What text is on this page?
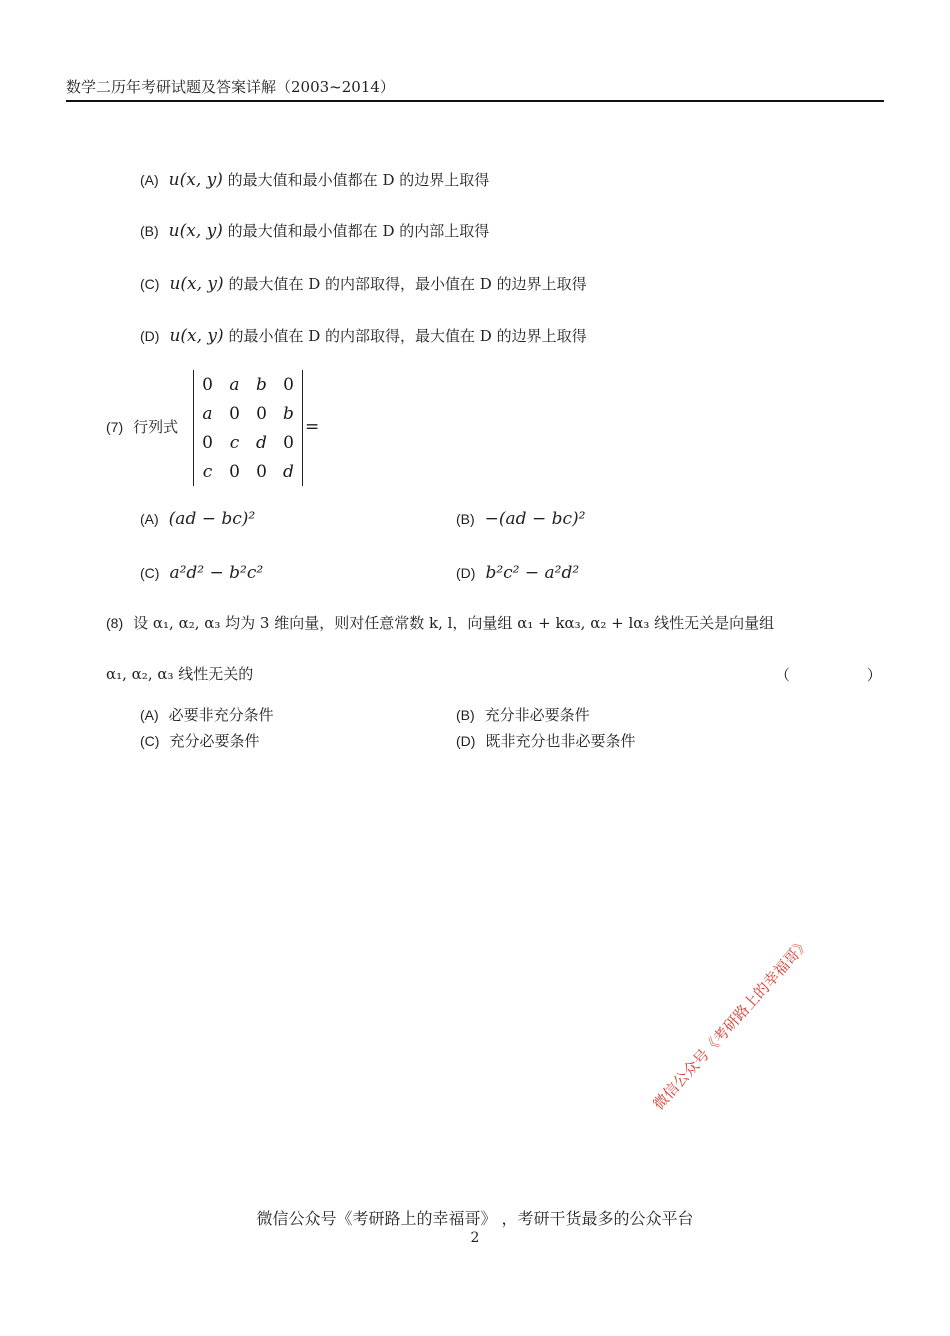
数学二历年考研试题及答案详解（2003~2014）
(A) u(x, y) 的最大值和最小值都在 D 的边界上取得
(B) u(x, y) 的最大值和最小值都在 D 的内部上取得
(C) u(x, y) 的最大值在 D 的内部取得，最小值在 D 的边界上取得
(D) u(x, y) 的最小值在 D 的内部取得，最大值在 D 的边界上取得
(7) 行列式
0 a b 0
a 0 0 b
0 c d 0
c 0 0 d
=
(A) (ad − bc)²	(B) −(ad − bc)²
(C) a²d² − b²c²	(D) b²c² − a²d²
(8) 设 α₁, α₂, α₃ 均为 3 维向量，则对任意常数 k, l，向量组 α₁ + kα₃, α₂ + lα₃ 线性无关是向量组
α₁, α₂, α₃ 线性无关的	（ ）
(A) 必要非充分条件	(B) 充分非必要条件
(C) 充分必要条件	(D) 既非充分也非必要条件
微信公众号《考研路上的幸福哥》
微信公众号《考研路上的幸福哥》 ，考研干货最多的公众平台
2
